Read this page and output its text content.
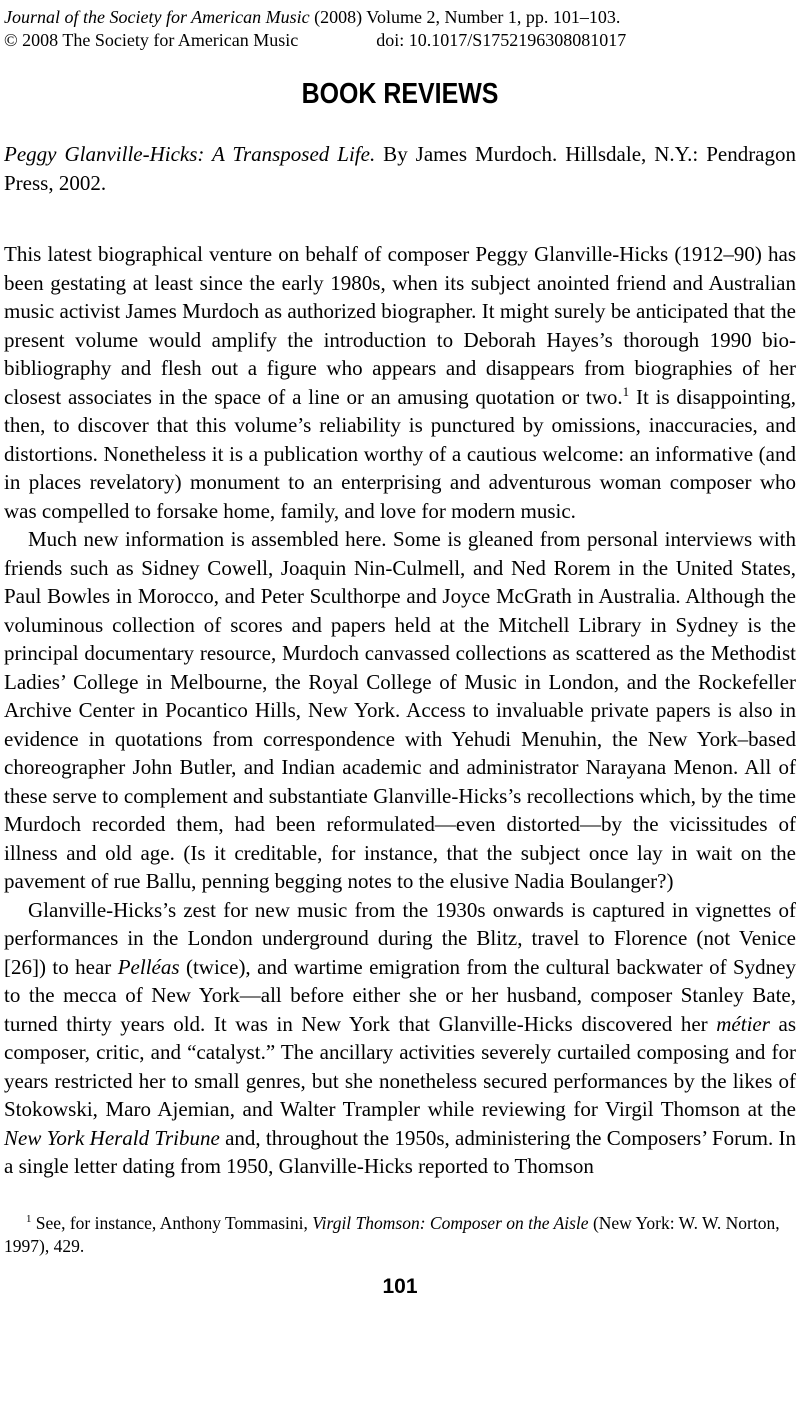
Journal of the Society for American Music (2008) Volume 2, Number 1, pp. 101–103.
© 2008 The Society for American Music	doi: 10.1017/S1752196308081017
BOOK REVIEWS

Peggy Glanville-Hicks: A Transposed Life. By James Murdoch. Hillsdale, N.Y.: Pendragon Press, 2002.

This latest biographical venture on behalf of composer Peggy Glanville-Hicks (1912–90) has been gestating at least since the early 1980s, when its subject anointed friend and Australian music activist James Murdoch as authorized biographer. It might surely be anticipated that the present volume would amplify the introduction to Deborah Hayes’s thorough 1990 bio-bibliography and flesh out a figure who appears and disappears from biographies of her closest associates in the space of a line or an amusing quotation or two.$^1$ It is disappointing, then, to discover that this volume’s reliability is punctured by omissions, inaccuracies, and distortions. Nonetheless it is a publication worthy of a cautious welcome: an informative (and in places revelatory) monument to an enterprising and adventurous woman composer who was compelled to forsake home, family, and love for modern music.

Much new information is assembled here. Some is gleaned from personal interviews with friends such as Sidney Cowell, Joaquin Nin-Culmell, and Ned Rorem in the United States, Paul Bowles in Morocco, and Peter Sculthorpe and Joyce McGrath in Australia. Although the voluminous collection of scores and papers held at the Mitchell Library in Sydney is the principal documentary resource, Murdoch canvassed collections as scattered as the Methodist Ladies’ College in Melbourne, the Royal College of Music in London, and the Rockefeller Archive Center in Pocantico Hills, New York. Access to invaluable private papers is also in evidence in quotations from correspondence with Yehudi Menuhin, the New York–based choreographer John Butler, and Indian academic and administrator Narayana Menon. All of these serve to complement and substantiate Glanville-Hicks’s recollections which, by the time Murdoch recorded them, had been reformulated—even distorted—by the vicissitudes of illness and old age. (Is it creditable, for instance, that the subject once lay in wait on the pavement of rue Ballu, penning begging notes to the elusive Nadia Boulanger?)

Glanville-Hicks’s zest for new music from the 1930s onwards is captured in vignettes of performances in the London underground during the Blitz, travel to Florence (not Venice [26]) to hear Pelléas (twice), and wartime emigration from the cultural backwater of Sydney to the mecca of New York—all before either she or her husband, composer Stanley Bate, turned thirty years old. It was in New York that Glanville-Hicks discovered her métier as composer, critic, and “catalyst.” The ancillary activities severely curtailed composing and for years restricted her to small genres, but she nonetheless secured performances by the likes of Stokowski, Maro Ajemian, and Walter Trampler while reviewing for Virgil Thomson at the New York Herald Tribune and, throughout the 1950s, administering the Composers’ Forum. In a single letter dating from 1950, Glanville-Hicks reported to Thomson

$^1$ See, for instance, Anthony Tommasini, Virgil Thomson: Composer on the Aisle (New York: W. W. Norton, 1997), 429.
101
